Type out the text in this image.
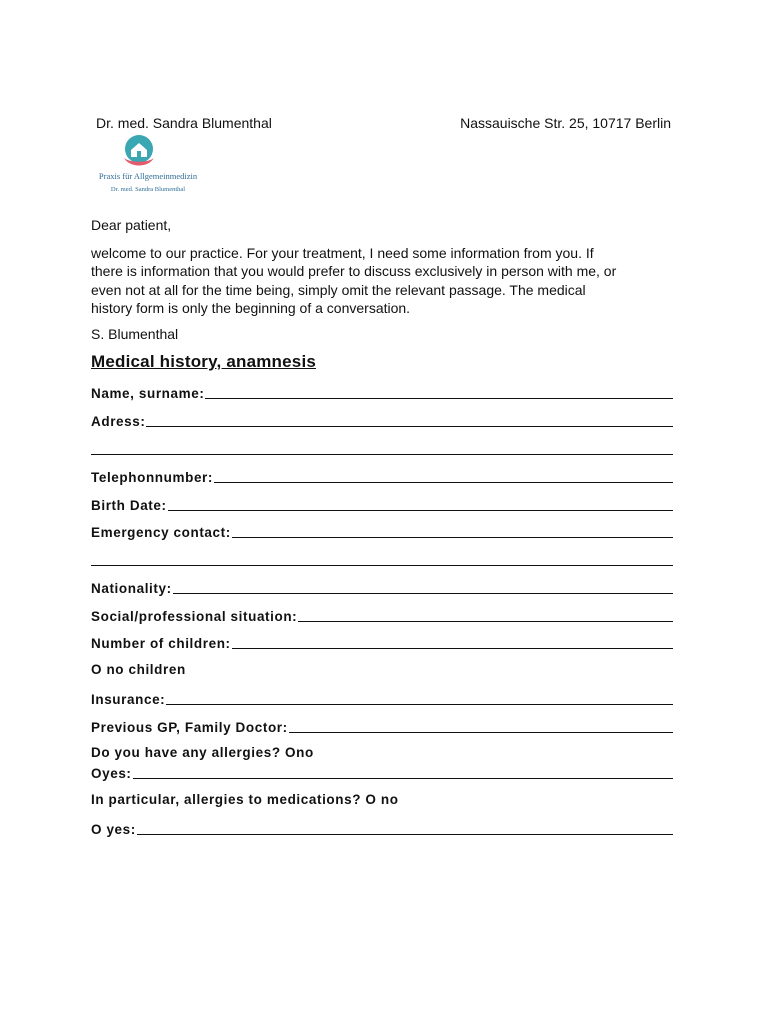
Dr. med. Sandra Blumenthal	Nassauische Str. 25, 10717 Berlin
Praxis für Allgemeinmedizin
Dr. med. Sandra Blumenthal
Dear patient,
welcome to our practice. For your treatment, I need some information from you. If
there is information that you would prefer to discuss exclusively in person with me, or
even not at all for the time being, simply omit the relevant passage. The medical
history form is only the beginning of a conversation.
S. Blumenthal
Medical history, anamnesis
Name, surname:
Adress:
Telephonnumber:
Birth Date:
Emergency contact:
Nationality:
Social/professional situation:
Number of children:
O no children
Insurance:
Previous GP, Family Doctor:
Do you have any allergies? Ono
Oyes:
In particular, allergies to medications? O no
O yes:
